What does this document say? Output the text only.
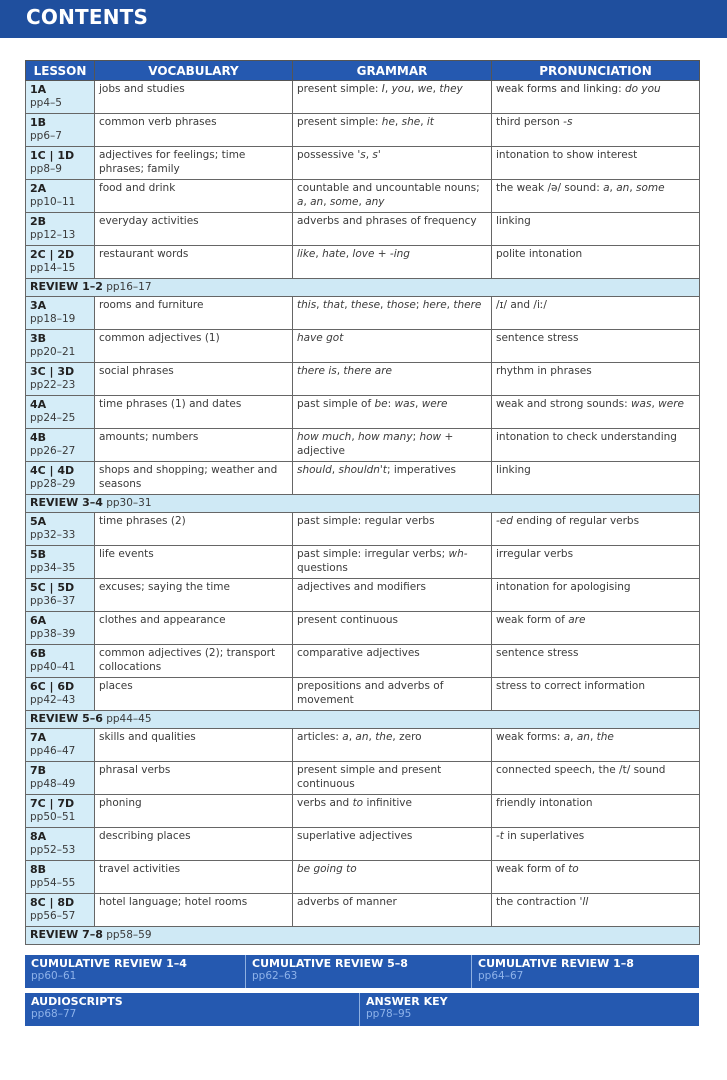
CONTENTS
LESSON	VOCABULARY	GRAMMAR	PRONUNCIATION

1A
pp4–5	jobs and studies	present simple: I, you, we, they	weak forms and linking: do you

1B
pp6–7	common verb phrases	present simple: he, she, it	third person -s

1C | 1D
pp8–9	adjectives for feelings; time phrases; family	possessive 's, s'	intonation to show interest

2A
pp10–11	food and drink	countable and uncountable nouns; a, an, some, any	the weak /ə/ sound: a, an, some

2B
pp12–13	everyday activities	adverbs and phrases of frequency	linking

2C | 2D
pp14–15	restaurant words	like, hate, love + -ing	polite intonation
REVIEW 1–2 pp16–17			

3A
pp18–19	rooms and furniture	this, that, these, those; here, there	/ɪ/ and /iː/

3B
pp20–21	common adjectives (1)	have got	sentence stress

3C | 3D
pp22–23	social phrases	there is, there are	rhythm in phrases

4A
pp24–25	time phrases (1) and dates	past simple of be: was, were	weak and strong sounds: was, were

4B
pp26–27	amounts; numbers	how much, how many; how + adjective	intonation to check understanding

4C | 4D
pp28–29	shops and shopping; weather and seasons	should, shouldn't; imperatives	linking
REVIEW 3–4 pp30–31			

5A
pp32–33	time phrases (2)	past simple: regular verbs	-ed ending of regular verbs

5B
pp34–35	life events	past simple: irregular verbs; wh- questions	irregular verbs

5C | 5D
pp36–37	excuses; saying the time	adjectives and modifiers	intonation for apologising

6A
pp38–39	clothes and appearance	present continuous	weak form of are

6B
pp40–41	common adjectives (2); transport collocations	comparative adjectives	sentence stress

6C | 6D
pp42–43	places	prepositions and adverbs of movement	stress to correct information
REVIEW 5–6 pp44–45			

7A
pp46–47	skills and qualities	articles: a, an, the, zero	weak forms: a, an, the

7B
pp48–49	phrasal verbs	present simple and present continuous	connected speech, the /t/ sound

7C | 7D
pp50–51	phoning	verbs and to infinitive	friendly intonation

8A
pp52–53	describing places	superlative adjectives	-t in superlatives

8B
pp54–55	travel activities	be going to	weak form of to

8C | 8D
pp56–57	hotel language; hotel rooms	adverbs of manner	the contraction 'll
REVIEW 7–8 pp58–59			
CUMULATIVE REVIEW 1–4
pp60–61
CUMULATIVE REVIEW 5–8
pp62–63
CUMULATIVE REVIEW 1–8
pp64–67
AUDIOSCRIPTS
pp68–77
ANSWER KEY
pp78–95
